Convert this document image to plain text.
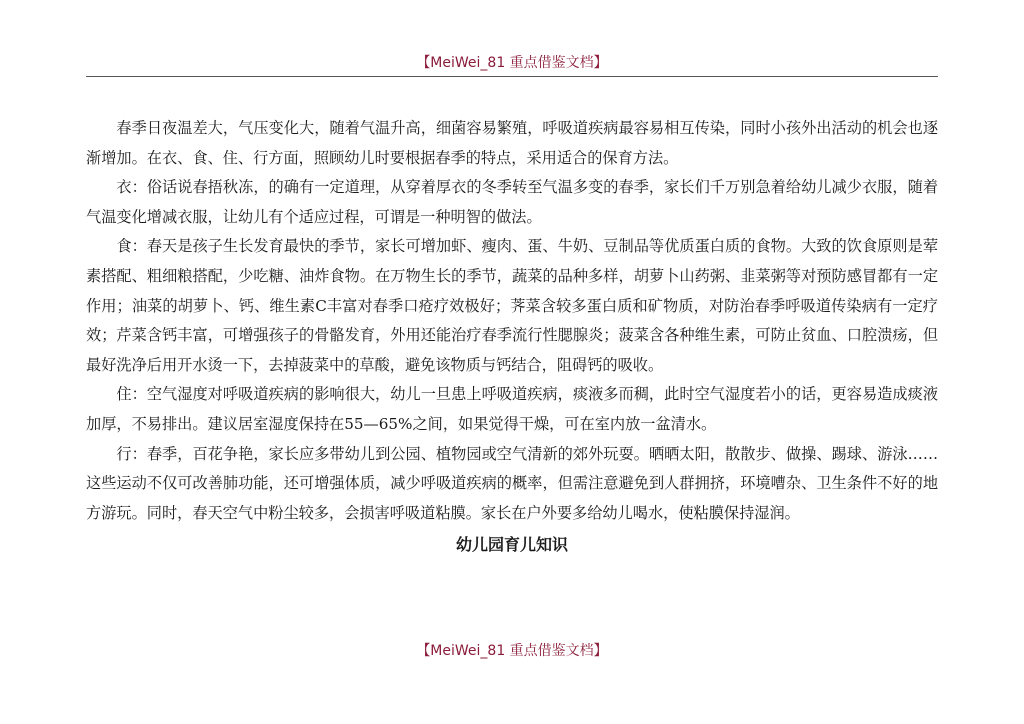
【MeiWei_81 重点借鉴文档】

春季日夜温差大，气压变化大，随着气温升高，细菌容易繁殖，呼吸道疾病最容易相互传染，同时小孩外出活动的机会也逐渐增加。在衣、食、住、行方面，照顾幼儿时要根据春季的特点，采用适合的保育方法。

衣：俗话说春捂秋冻，的确有一定道理，从穿着厚衣的冬季转至气温多变的春季，家长们千万别急着给幼儿减少衣服，随着气温变化增减衣服，让幼儿有个适应过程，可谓是一种明智的做法。

食：春天是孩子生长发育最快的季节，家长可增加虾、瘦肉、蛋、牛奶、豆制品等优质蛋白质的食物。大致的饮食原则是荤素搭配、粗细粮搭配，少吃糖、油炸食物。在万物生长的季节，蔬菜的品种多样，胡萝卜山药粥、韭菜粥等对预防感冒都有一定作用；油菜的胡萝卜、钙、维生素C丰富对春季口疮疗效极好；荠菜含较多蛋白质和矿物质，对防治春季呼吸道传染病有一定疗效；芹菜含钙丰富，可增强孩子的骨骼发育，外用还能治疗春季流行性腮腺炎；菠菜含各种维生素，可防止贫血、口腔溃疡，但最好洗净后用开水烫一下，去掉菠菜中的草酸，避免该物质与钙结合，阻碍钙的吸收。

住：空气湿度对呼吸道疾病的影响很大，幼儿一旦患上呼吸道疾病，痰液多而稠，此时空气湿度若小的话，更容易造成痰液加厚，不易排出。建议居室湿度保持在55—65%之间，如果觉得干燥，可在室内放一盆清水。

行：春季，百花争艳，家长应多带幼儿到公园、植物园或空气清新的郊外玩耍。晒晒太阳，散散步、做操、踢球、游泳……这些运动不仅可改善肺功能，还可增强体质，减少呼吸道疾病的概率，但需注意避免到人群拥挤，环境嘈杂、卫生条件不好的地方游玩。同时，春天空气中粉尘较多，会损害呼吸道粘膜。家长在户外要多给幼儿喝水，使粘膜保持湿润。

幼儿园育儿知识

【MeiWei_81 重点借鉴文档】
